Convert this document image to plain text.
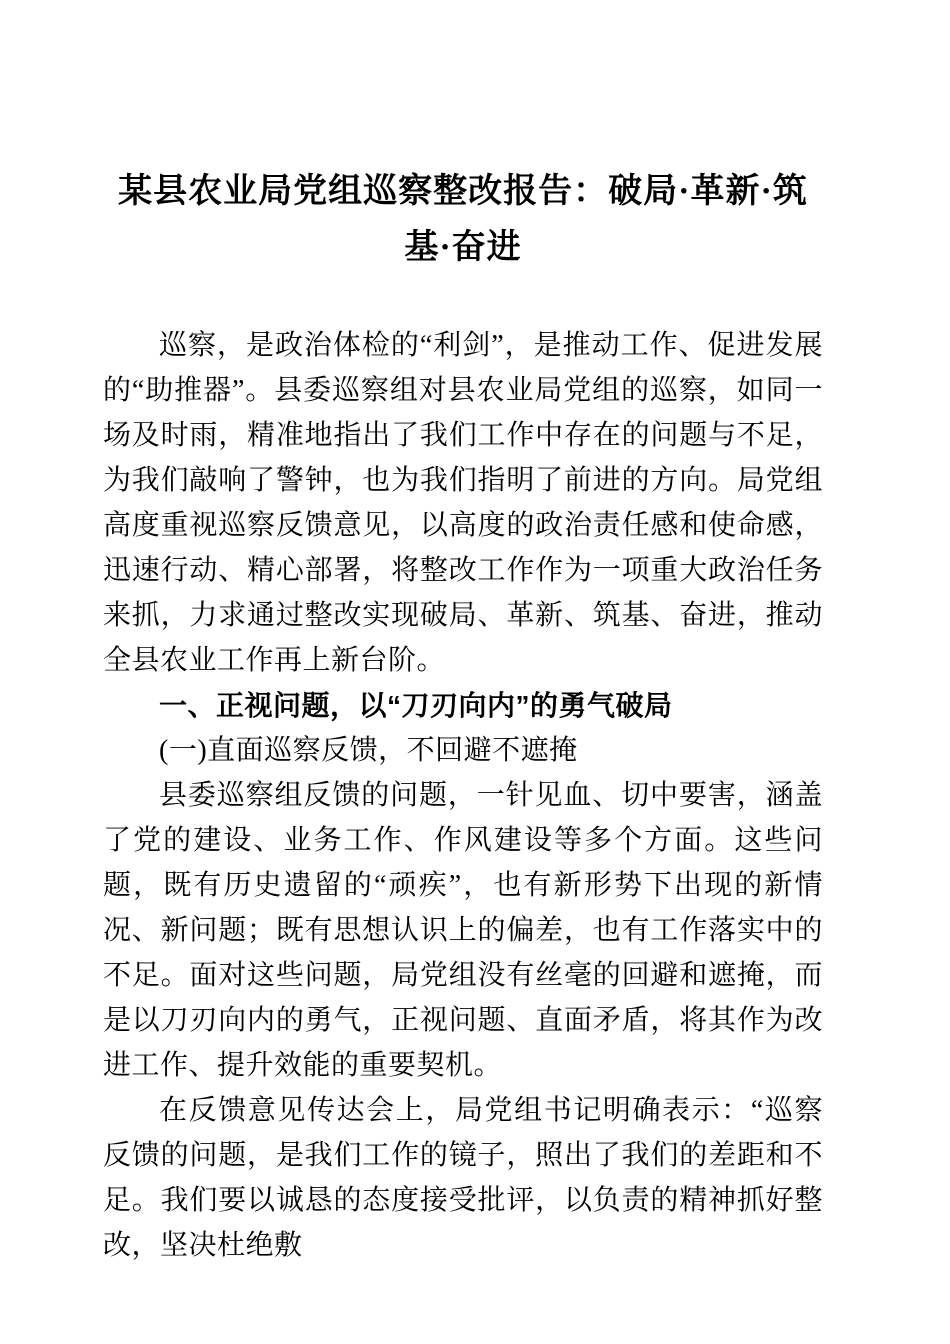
某县农业局党组巡察整改报告：破局·革新·筑基·奋进

巡察，是政治体检的“利剑”，是推动工作、促进发展的“助推器”。县委巡察组对县农业局党组的巡察，如同一场及时雨，精准地指出了我们工作中存在的问题与不足，为我们敲响了警钟，也为我们指明了前进的方向。局党组高度重视巡察反馈意见，以高度的政治责任感和使命感，迅速行动、精心部署，将整改工作作为一项重大政治任务来抓，力求通过整改实现破局、革新、筑基、奋进，推动全县农业工作再上新台阶。

一、正视问题，以“刀刃向内”的勇气破局
(一)直面巡察反馈，不回避不遮掩

县委巡察组反馈的问题，一针见血、切中要害，涵盖了党的建设、业务工作、作风建设等多个方面。这些问题，既有历史遗留的“顽疾”，也有新形势下出现的新情况、新问题；既有思想认识上的偏差，也有工作落实中的不足。面对这些问题，局党组没有丝毫的回避和遮掩，而是以刀刃向内的勇气，正视问题、直面矛盾，将其作为改进工作、提升效能的重要契机。

在反馈意见传达会上，局党组书记明确表示：“巡察反馈的问题，是我们工作的镜子，照出了我们的差距和不足。我们要以诚恳的态度接受批评，以负责的精神抓好整改，坚决杜绝敷
